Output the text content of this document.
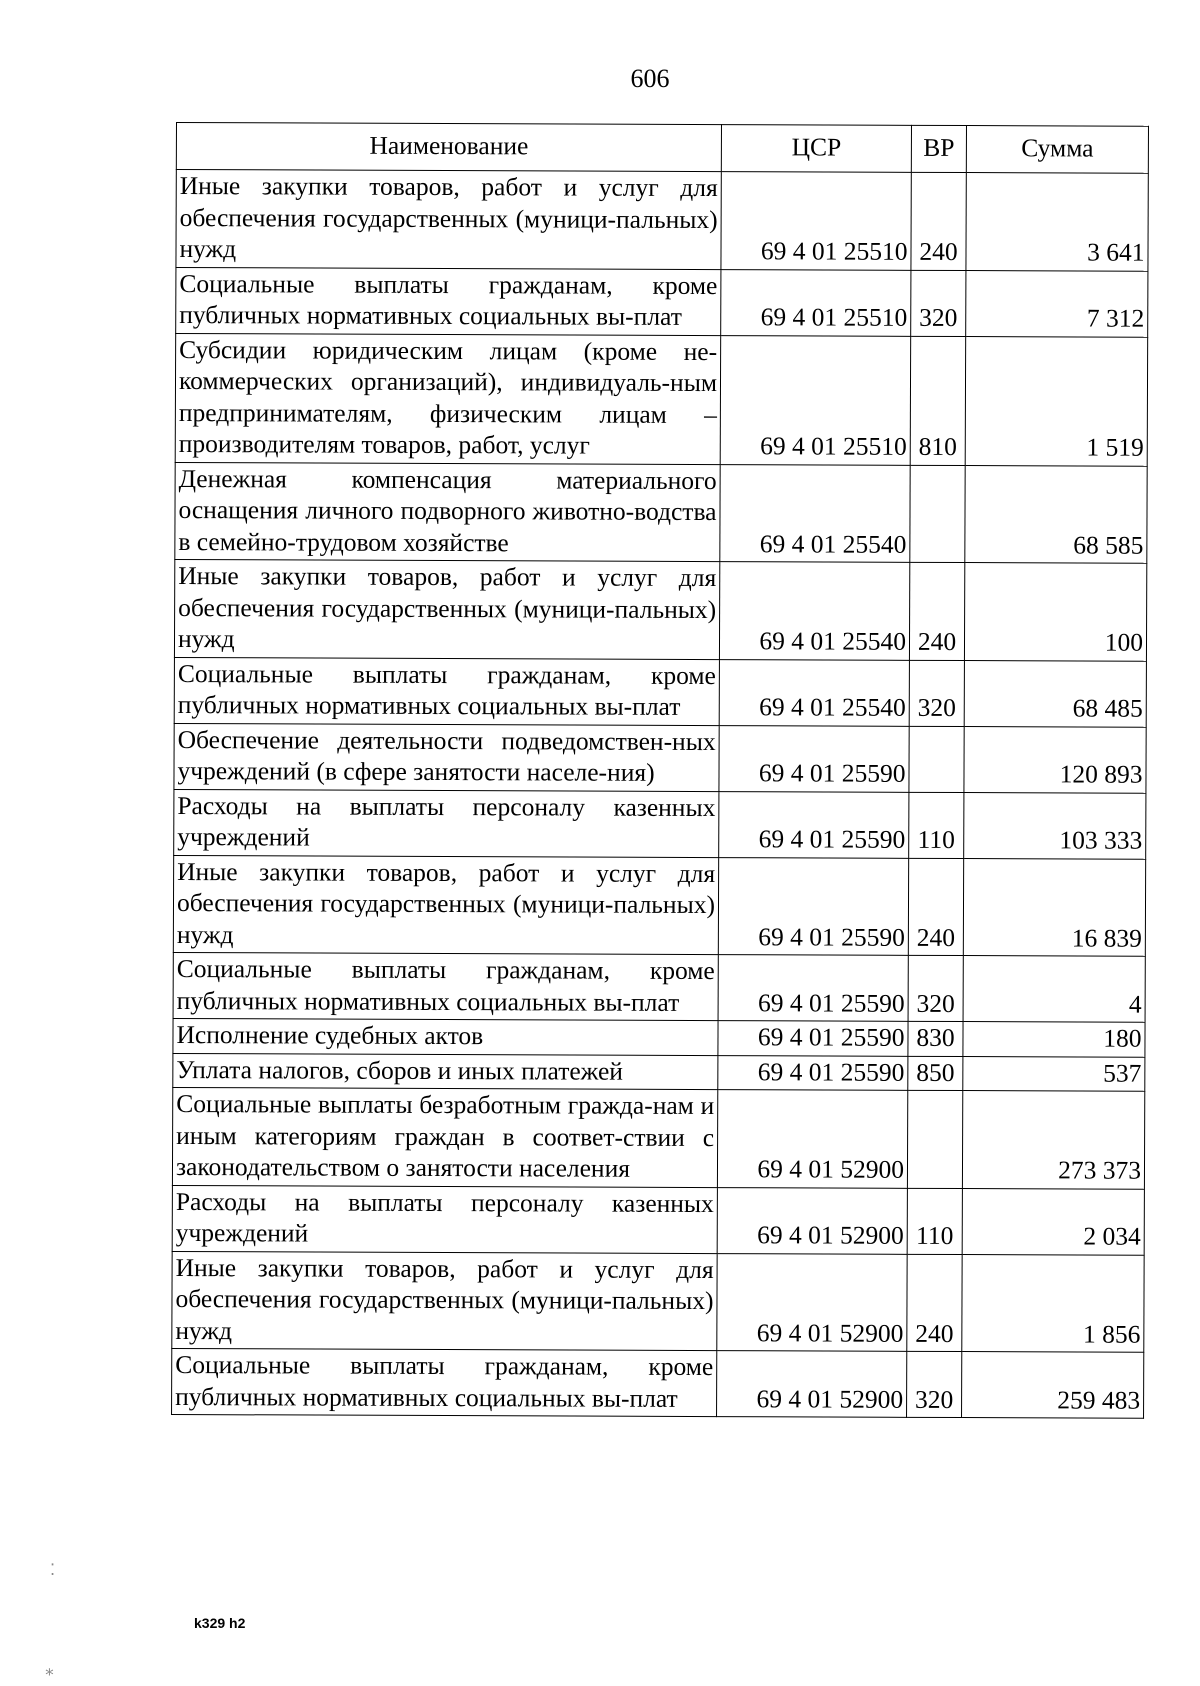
606
Наименование	ЦСР	ВР	Сумма
Иные закупки товаров, работ и услуг для обеспечения государственных (муници-пальных) нужд	69 4 01 25510	240	3 641
Социальные выплаты гражданам, кроме публичных нормативных социальных вы-плат	69 4 01 25510	320	7 312
Субсидии юридическим лицам (кроме не-коммерческих организаций), индивидуаль-ным предпринимателям, физическим лицам – производителям товаров, работ, услуг	69 4 01 25510	810	1 519
Денежная компенсация материального оснащения личного подворного животно-водства в семейно-трудовом хозяйстве	69 4 01 25540		68 585
Иные закупки товаров, работ и услуг для обеспечения государственных (муници-пальных) нужд	69 4 01 25540	240	100
Социальные выплаты гражданам, кроме публичных нормативных социальных вы-плат	69 4 01 25540	320	68 485
Обеспечение деятельности подведомствен-ных учреждений (в сфере занятости населе-ния)	69 4 01 25590		120 893
Расходы на выплаты персоналу казенных учреждений	69 4 01 25590	110	103 333
Иные закупки товаров, работ и услуг для обеспечения государственных (муници-пальных) нужд	69 4 01 25590	240	16 839
Социальные выплаты гражданам, кроме публичных нормативных социальных вы-плат	69 4 01 25590	320	4
Исполнение судебных актов	69 4 01 25590	830	180
Уплата налогов, сборов и иных платежей	69 4 01 25590	850	537
Социальные выплаты безработным гражда-нам и иным категориям граждан в соответ-ствии с законодательством о занятости населения	69 4 01 52900		273 373
Расходы на выплаты персоналу казенных учреждений	69 4 01 52900	110	2 034
Иные закупки товаров, работ и услуг для обеспечения государственных (муници-пальных) нужд	69 4 01 52900	240	1 856
Социальные выплаты гражданам, кроме публичных нормативных социальных вы-плат	69 4 01 52900	320	259 483
k329 h2
⁚
∗
